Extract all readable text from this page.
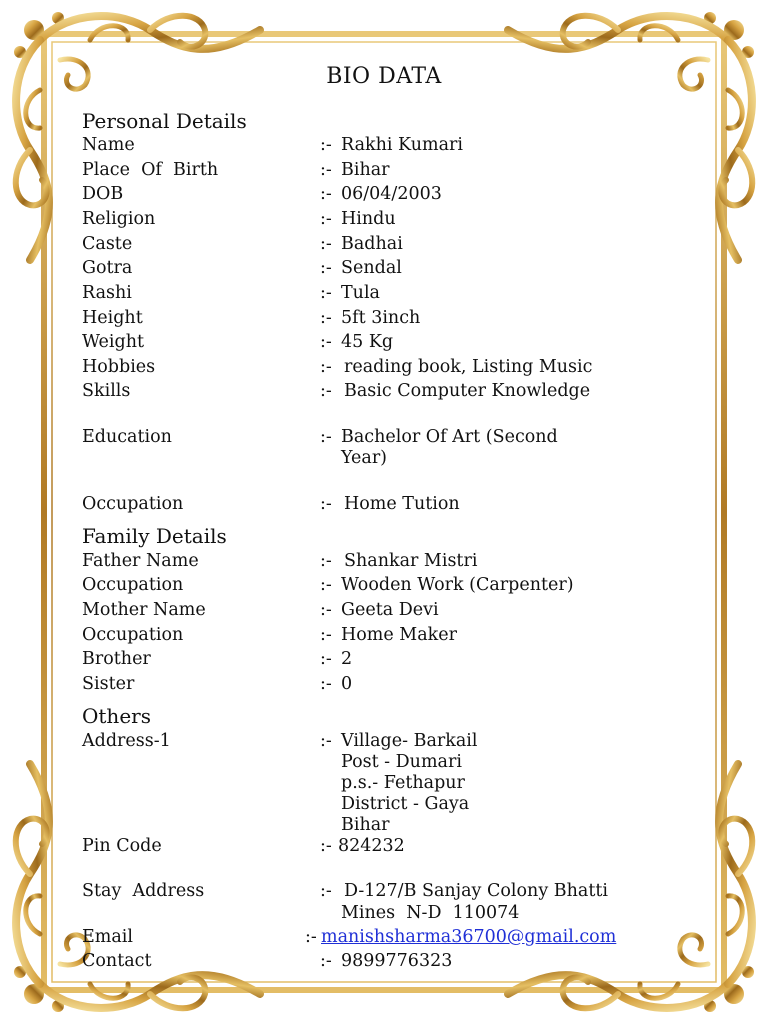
BIO DATA
Personal Details
Name	:- Rakhi Kumari
Place  Of  Birth	:- Bihar
DOB	:- 06/04/2003
Religion	:- Hindu
Caste	:- Badhai
Gotra	:- Sendal
Rashi	:- Tula
Height	:- 5ft 3inch
Weight	:- 45 Kg
Hobbies	:- reading book, Listing Music
Skills	:- Basic Computer Knowledge
Education	:- Bachelor Of Art (Second
Year)
Occupation	:- Home Tution
Family Details
Father Name	:- Shankar Mistri
Occupation	:- Wooden Work (Carpenter)
Mother Name	:- Geeta Devi
Occupation	:- Home Maker
Brother	:- 2
Sister	:- 0
Others
Address-1	:- Village- Barkail
Post - Dumari
p.s.- Fethapur
District - Gaya
Bihar
Pin Code	:- 824232
Stay  Address	:- D-127/B Sanjay Colony Bhatti
Mines  N-D  110074
Email	:- manishsharma36700@gmail.com
Contact	:- 9899776323
